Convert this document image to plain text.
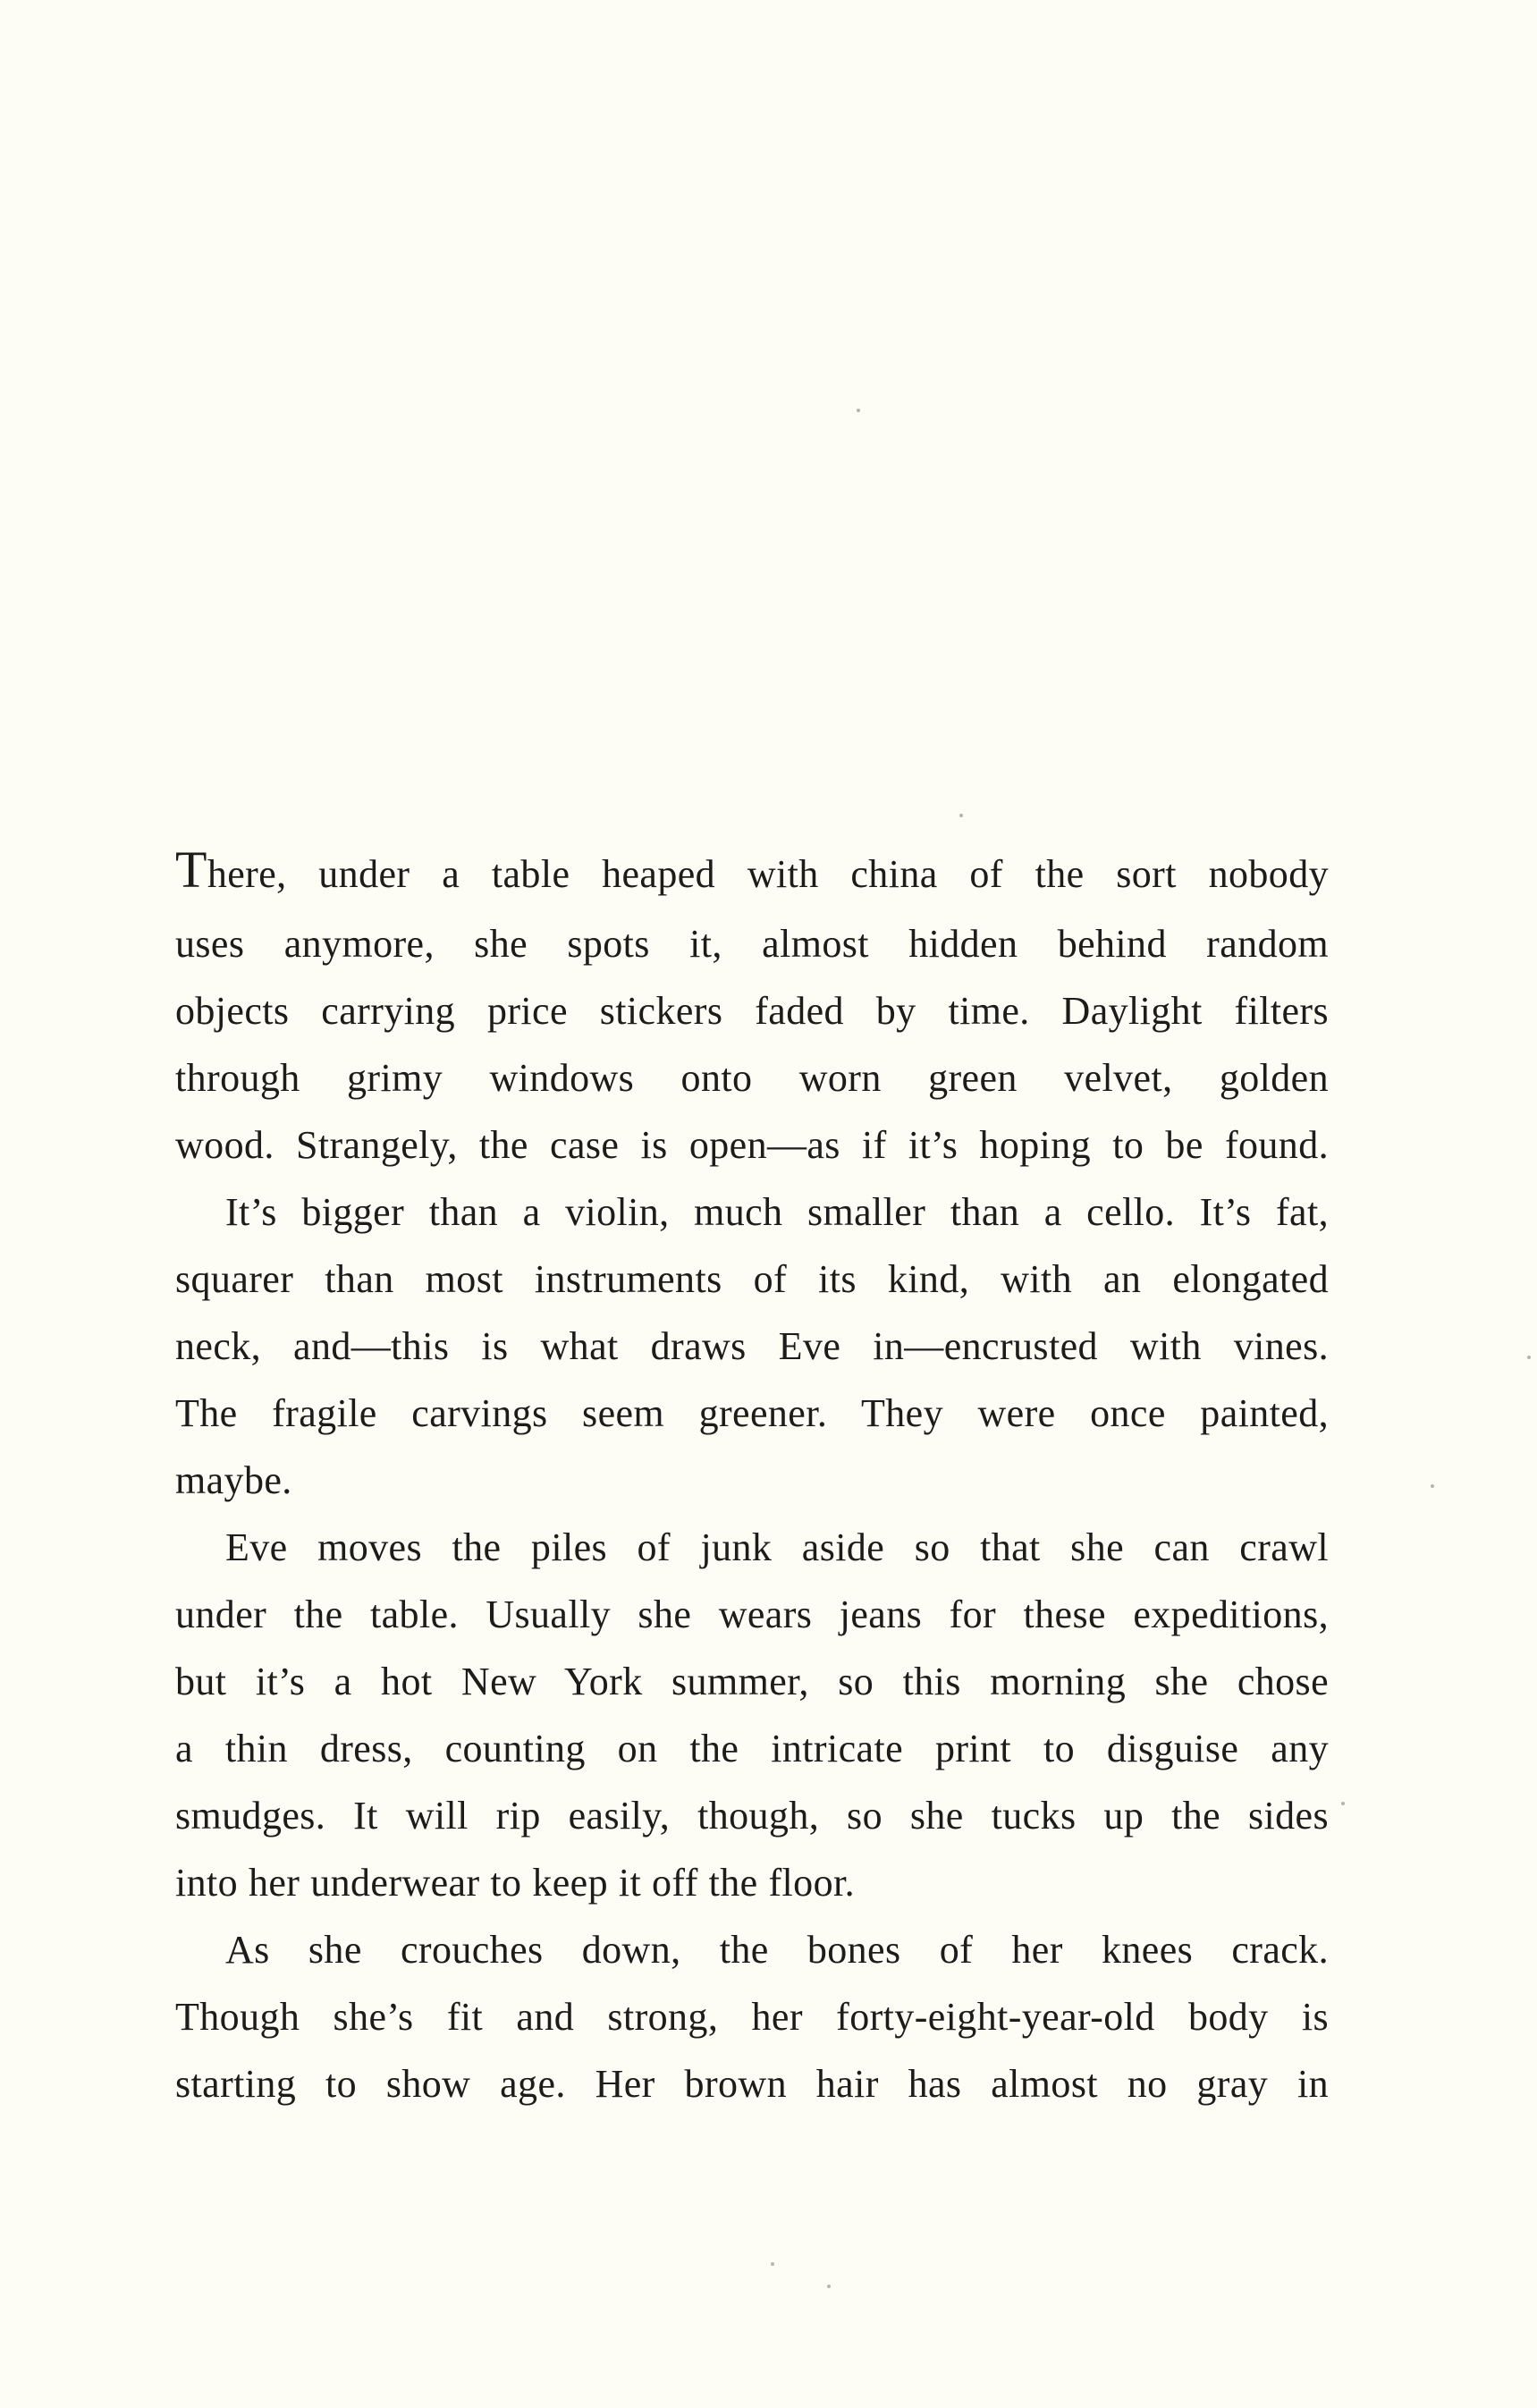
There, under a table heaped with china of the sort nobody
uses anymore, she spots it, almost hidden behind random
objects carrying price stickers faded by time. Daylight filters
through grimy windows onto worn green velvet, golden
wood. Strangely, the case is open—as if it’s hoping to be found.
It’s bigger than a violin, much smaller than a cello. It’s fat,
squarer than most instruments of its kind, with an elongated
neck, and—this is what draws Eve in—encrusted with vines.
The fragile carvings seem greener. They were once painted,
maybe.
Eve moves the piles of junk aside so that she can crawl
under the table. Usually she wears jeans for these expeditions,
but it’s a hot New York summer, so this morning she chose
a thin dress, counting on the intricate print to disguise any
smudges. It will rip easily, though, so she tucks up the sides
into her underwear to keep it off the floor.
As she crouches down, the bones of her knees crack.
Though she’s fit and strong, her forty-eight-year-old body is
starting to show age. Her brown hair has almost no gray in
